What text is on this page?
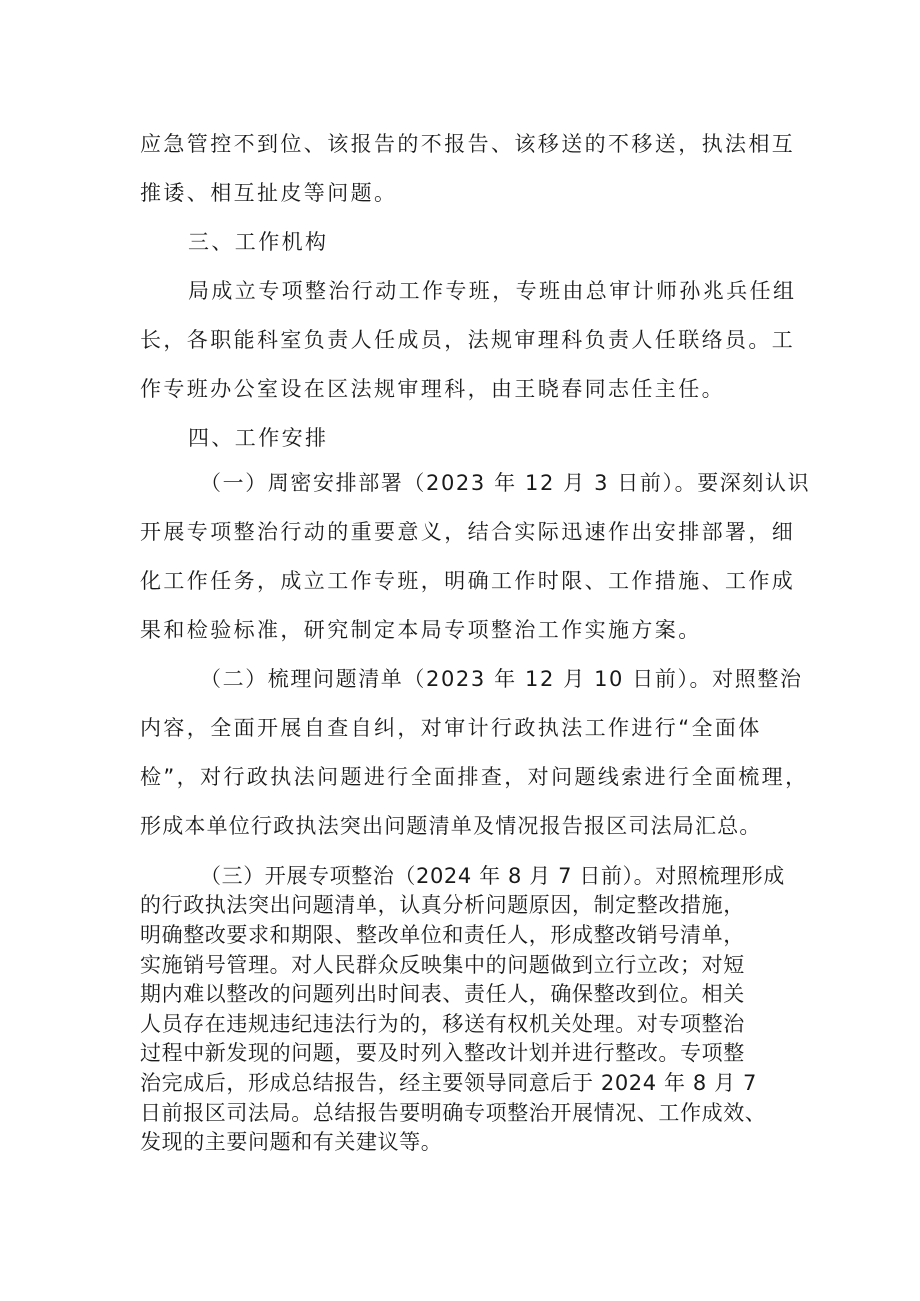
应急管控不到位、该报告的不报告、该移送的不移送，执法相互
推诿、相互扯皮等问题。
三、工作机构
局成立专项整治行动工作专班，专班由总审计师孙兆兵任组
长，各职能科室负责人任成员，法规审理科负责人任联络员。工
作专班办公室设在区法规审理科，由王晓春同志任主任。
四、工作安排
（一）周密安排部署（2023 年 12 月 3 日前）。要深刻认识
开展专项整治行动的重要意义，结合实际迅速作出安排部署，细
化工作任务，成立工作专班，明确工作时限、工作措施、工作成
果和检验标准，研究制定本局专项整治工作实施方案。
（二）梳理问题清单（2023 年 12 月 10 日前）。对照整治
内容，全面开展自查自纠，对审计行政执法工作进行“全面体
检”，对行政执法问题进行全面排查，对问题线索进行全面梳理，
形成本单位行政执法突出问题清单及情况报告报区司法局汇总。
（三）开展专项整治（2024 年 8 月 7 日前）。对照梳理形成
的行政执法突出问题清单，认真分析问题原因，制定整改措施，
明确整改要求和期限、整改单位和责任人，形成整改销号清单，
实施销号管理。对人民群众反映集中的问题做到立行立改；对短
期内难以整改的问题列出时间表、责任人，确保整改到位。相关
人员存在违规违纪违法行为的，移送有权机关处理。对专项整治
过程中新发现的问题，要及时列入整改计划并进行整改。专项整
治完成后，形成总结报告，经主要领导同意后于 2024 年 8 月 7
日前报区司法局。总结报告要明确专项整治开展情况、工作成效、
发现的主要问题和有关建议等。
